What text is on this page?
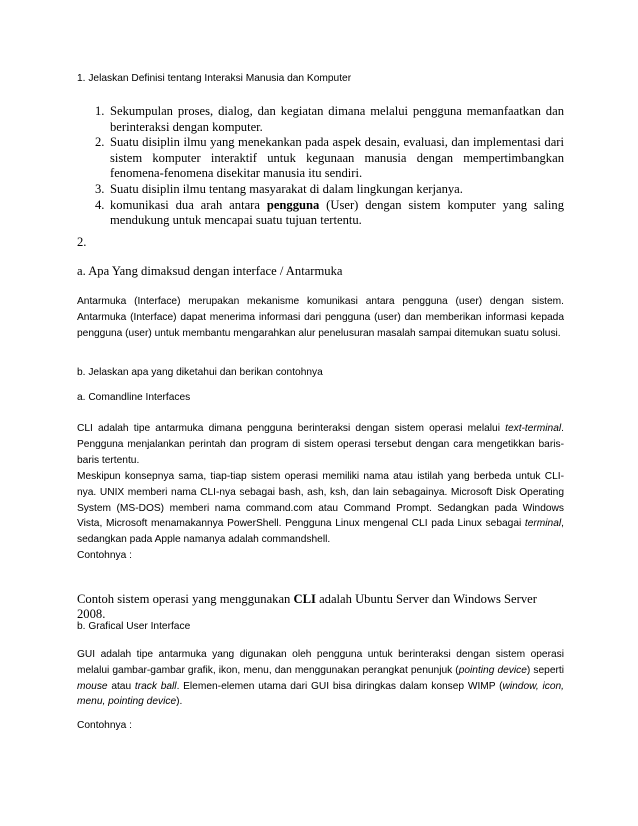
1. Jelaskan Definisi tentang Interaksi Manusia dan Komputer
1. Sekumpulan proses, dialog, dan kegiatan dimana melalui pengguna memanfaatkan dan berinteraksi dengan komputer.
2. Suatu disiplin ilmu yang menekankan pada aspek desain, evaluasi, dan implementasi dari sistem komputer interaktif untuk kegunaan manusia dengan mempertimbangkan fenomena-fenomena disekitar manusia itu sendiri.
3. Suatu disiplin ilmu tentang masyarakat di dalam lingkungan kerjanya.
4. komunikasi dua arah antara pengguna (User) dengan sistem komputer yang saling mendukung untuk mencapai suatu tujuan tertentu.
2.
a. Apa Yang dimaksud dengan interface / Antarmuka

Antarmuka (Interface) merupakan mekanisme komunikasi antara pengguna (user) dengan sistem. Antarmuka (Interface) dapat menerima informasi dari pengguna (user) dan memberikan informasi kepada pengguna (user) untuk membantu mengarahkan alur penelusuran masalah sampai ditemukan suatu solusi.

b. Jelaskan apa yang diketahui dan berikan contohnya
a. Comandline Interfaces

CLI adalah tipe antarmuka dimana pengguna berinteraksi dengan sistem operasi melalui text-terminal. Pengguna menjalankan perintah dan program di sistem operasi tersebut dengan cara mengetikkan baris-baris tertentu.

Meskipun konsepnya sama, tiap-tiap sistem operasi memiliki nama atau istilah yang berbeda untuk CLI-nya. UNIX memberi nama CLI-nya sebagai bash, ash, ksh, dan lain sebagainya. Microsoft Disk Operating System (MS-DOS) memberi nama command.com atau Command Prompt. Sedangkan pada Windows Vista, Microsoft menamakannya PowerShell. Pengguna Linux mengenal CLI pada Linux sebagai terminal, sedangkan pada Apple namanya adalah commandshell.

Contohnya :
Contoh sistem operasi yang menggunakan CLI adalah Ubuntu Server dan Windows Server 2008.
b. Grafical User Interface

GUI adalah tipe antarmuka yang digunakan oleh pengguna untuk berinteraksi dengan sistem operasi melalui gambar-gambar grafik, ikon, menu, dan menggunakan perangkat penunjuk (pointing device) seperti mouse atau track ball. Elemen-elemen utama dari GUI bisa diringkas dalam konsep WIMP (window, icon, menu, pointing device).

Contohnya :
